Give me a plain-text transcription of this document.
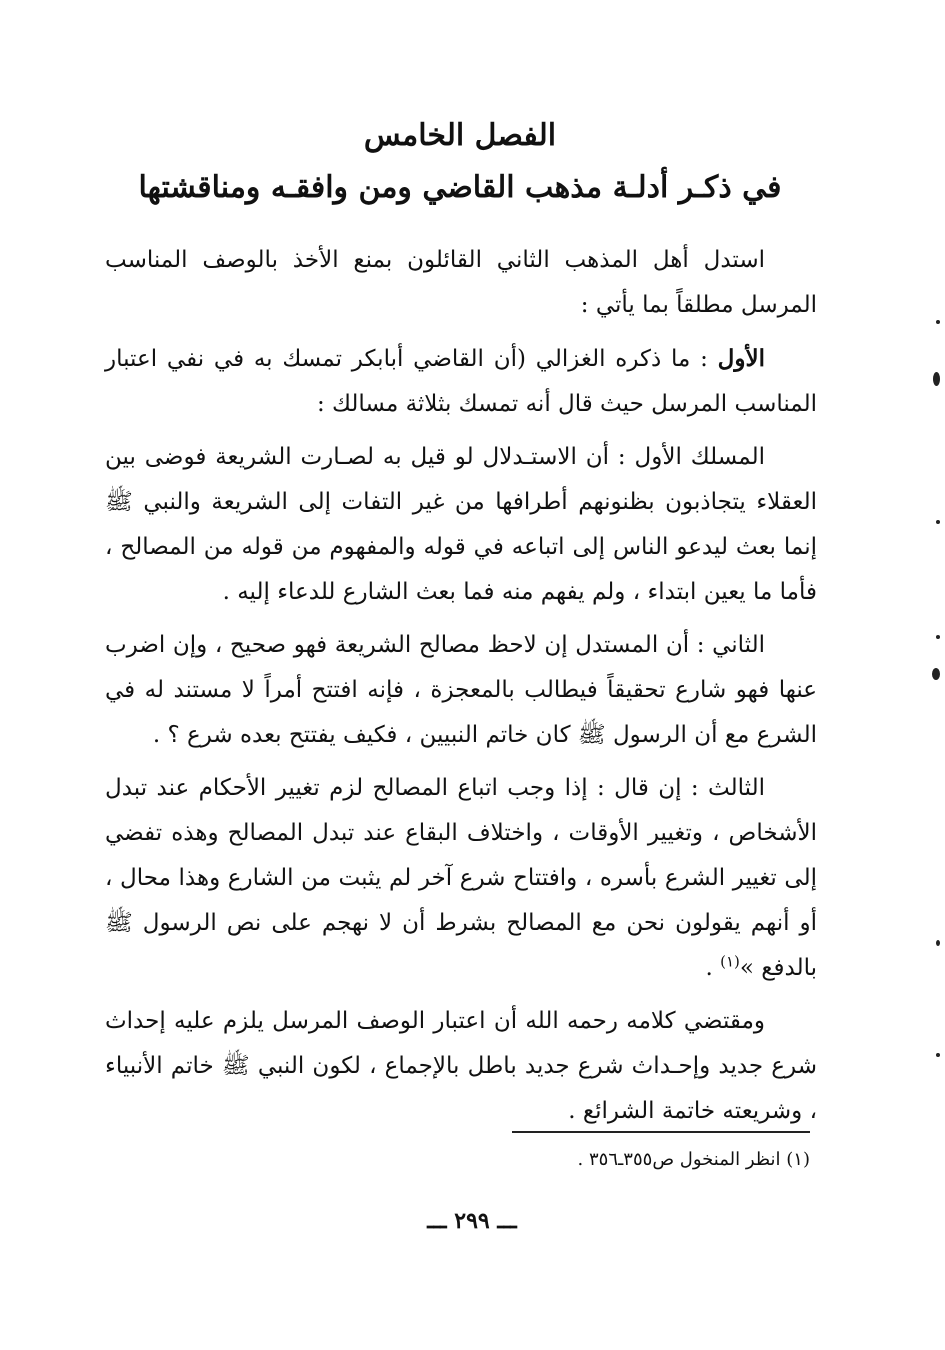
الفصل الخامس
في ذكـر أدلـة مذهب القاضي ومن وافقـه ومناقشتها

استدل أهل المذهب الثاني القائلون بمنع الأخذ بالوصف المناسب المرسل مطلقاً بما يأتي :

الأول : ما ذكره الغزالي (أن القاضي أبابكر تمسك به في نفي اعتبار المناسب المرسل حيث قال أنه تمسك بثلاثة مسالك :

المسلك الأول : أن الاستـدلال لو قيل به لصـارت الشريعة فوضى بين العقلاء يتجاذبون بظنونهم أطرافها من غير التفات إلى الشريعة والنبي ﷺ إنما بعث ليدعو الناس إلى اتباعه في قوله والمفهوم من قوله من المصالح ، فأما ما يعين ابتداء ، ولم يفهم منه فما بعث الشارع للدعاء إليه .

الثاني : أن المستدل إن لاحظ مصالح الشريعة فهو صحيح ، وإن اضرب عنها فهو شارع تحقيقاً فيطالب بالمعجزة ، فإنه افتتح أمراً لا مستند له في الشرع مع أن الرسول ﷺ كان خاتم النبيين ، فكيف يفتتح بعده شرع ؟ .

الثالث : إن قال : إذا وجب اتباع المصالح لزم تغيير الأحكام عند تبدل الأشخاص ، وتغيير الأوقات ، واختلاف البقاع عند تبدل المصالح وهذه تفضي إلى تغيير الشرع بأسره ، وافتتاح شرع آخر لم يثبت من الشارع وهذا محال ، أو أنهم يقولون نحن مع المصالح بشرط أن لا نهجم على نص الرسول ﷺ بالدفع »$^{(١)}$ .

ومقتضي كلامه رحمه الله أن اعتبار الوصف المرسل يلزم عليه إحداث شرع جديد وإحـداث شرع جديد باطل بالإجماع ، لكون النبي ﷺ خاتم الأنبياء ، وشريعته خاتمة الشرائع .

(١) انظر المنخول ص٣٥٥ـ٣٥٦ .
ـــ ٢٩٩ ـــ
